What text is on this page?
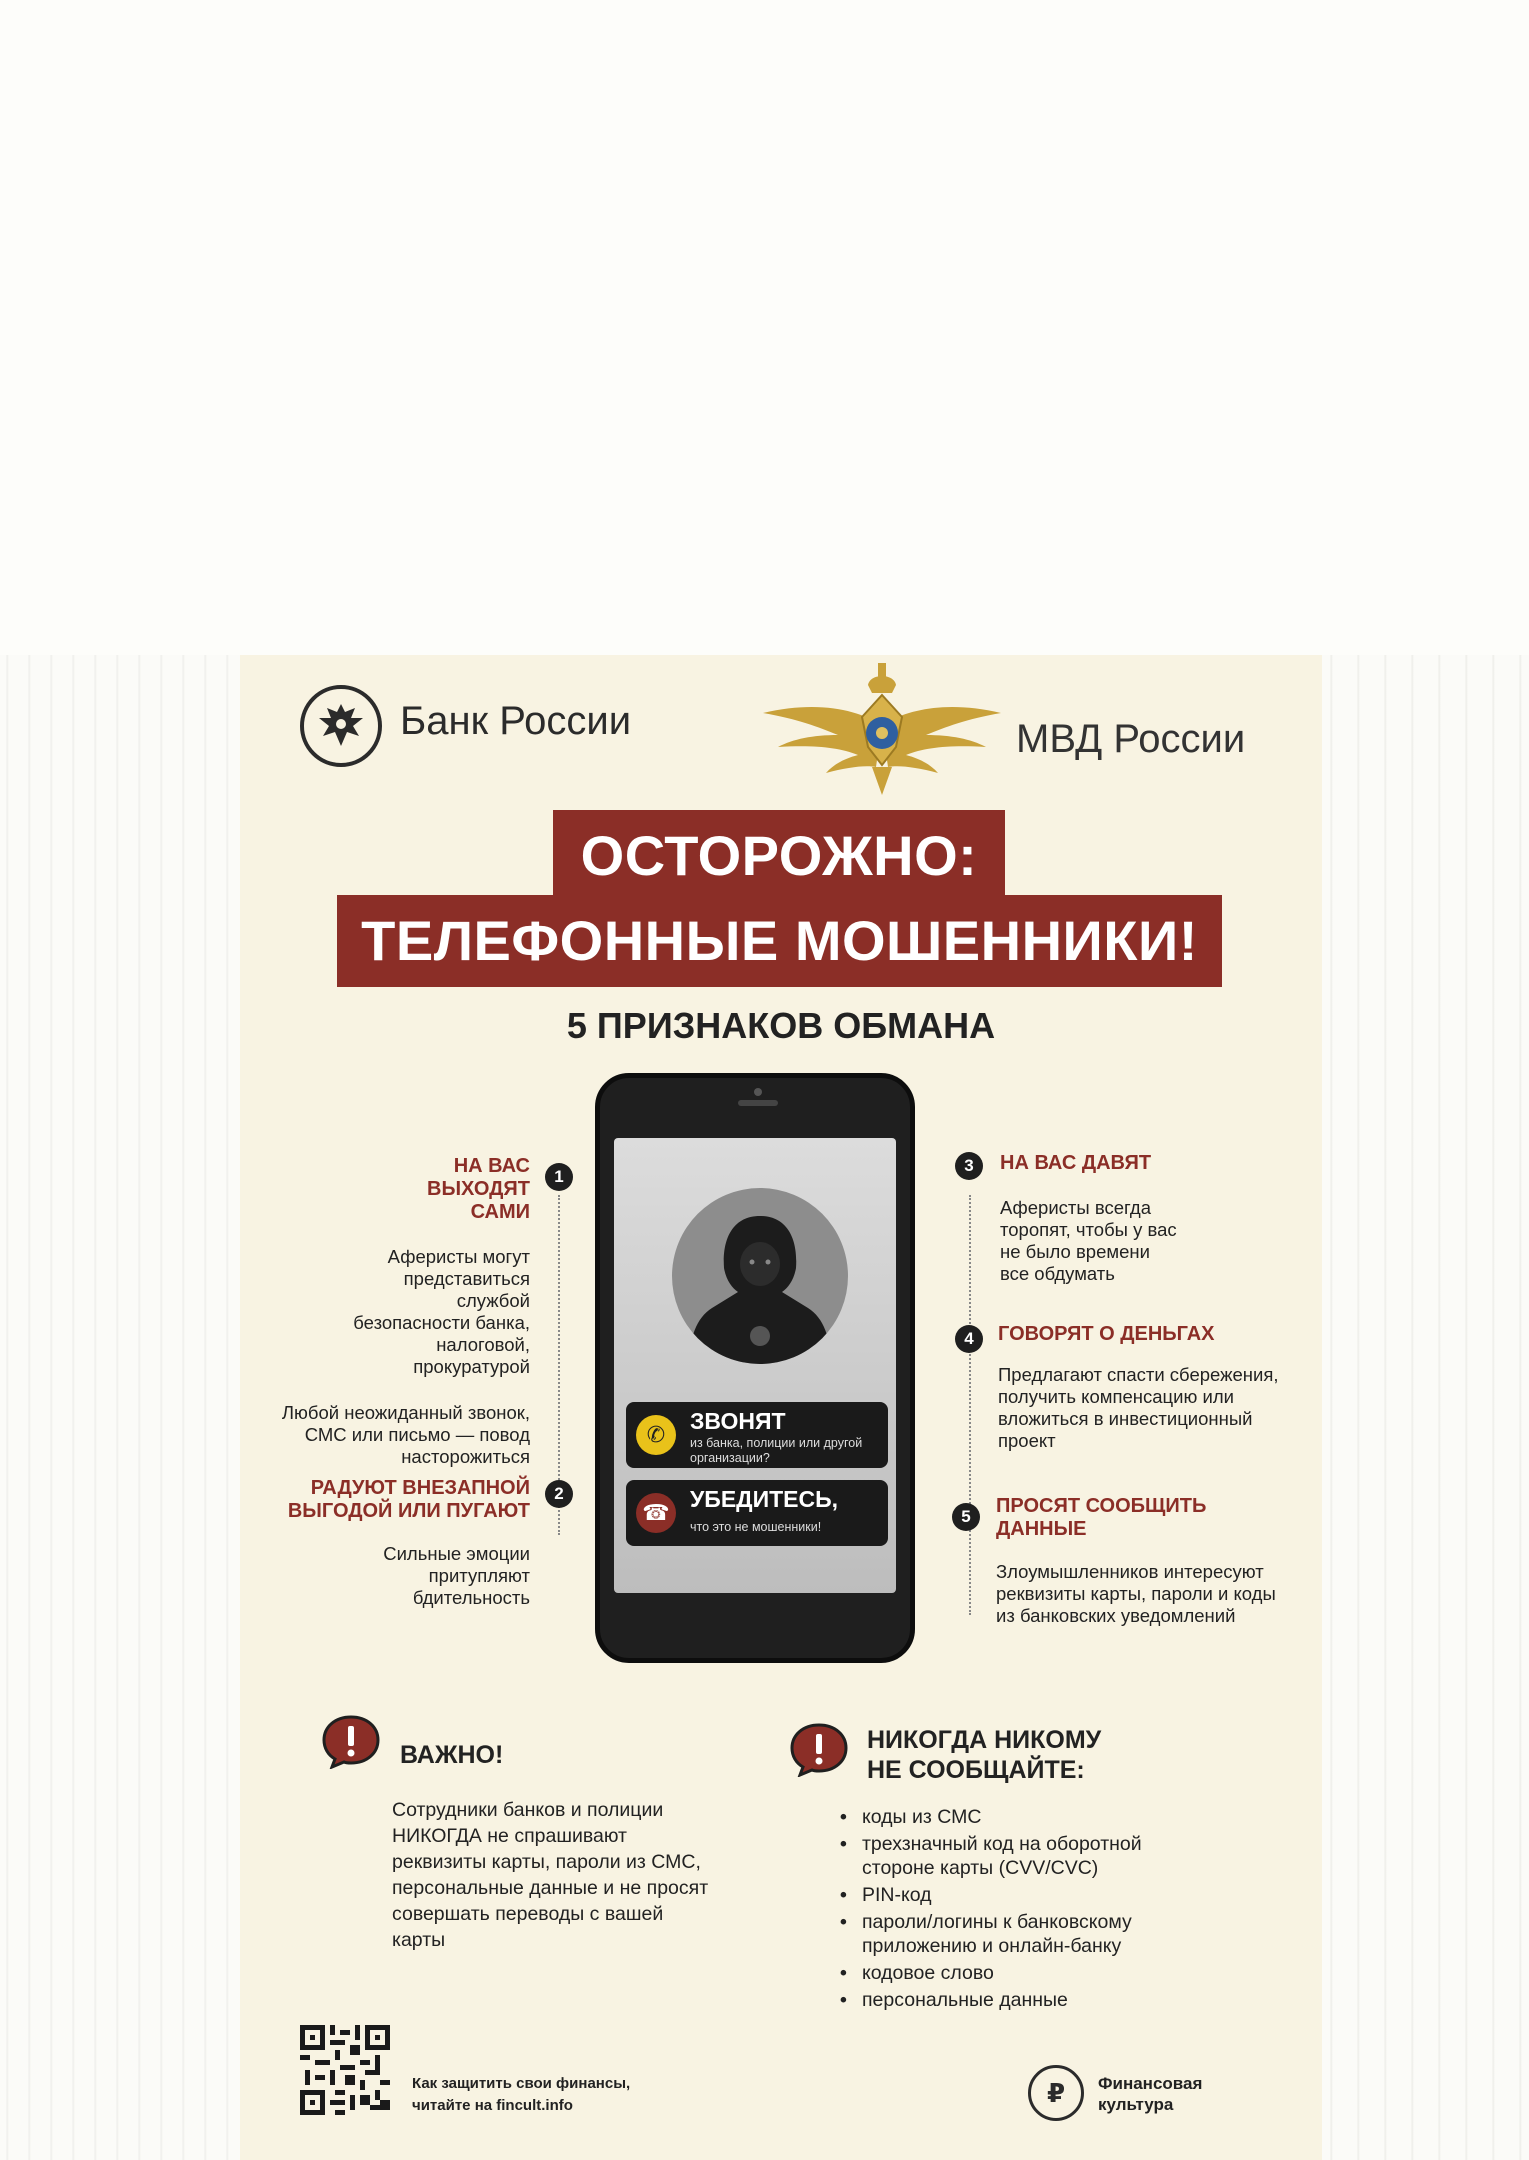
Банк России	МВД России
ТЕЛЕФОННЫЕ МОШЕННИКИ!
ОСТОРОЖНО:
5 ПРИЗНАКОВ ОБМАНА
✆
ЗВОНЯТ
из банка, полиции или другой организации?
☎
УБЕДИТЕСЬ,
что это не мошенники!
1
НА ВАС ВЫХОДЯТ САМИ
Аферисты могут представиться службой безопасности банка, налоговой, прокуратурой
Любой неожиданный звонок, СМС или письмо — повод насторожиться
2
РАДУЮТ ВНЕЗАПНОЙ ВЫГОДОЙ ИЛИ ПУГАЮТ
Сильные эмоции притупляют бдительность
3	НА ВАС ДАВЯТ
Аферисты всегда торопят, чтобы у вас не было времени все обдумать
4	ГОВОРЯТ О ДЕНЬГАХ
Предлагают спасти сбережения, получить компенсацию или вложиться в инвестиционный проект
5	ПРОСЯТ СООБЩИТЬ ДАННЫЕ
Злоумышленников интересуют реквизиты карты, пароли и коды из банковских уведомлений
ВАЖНО!
Сотрудники банков и полиции НИКОГДА не спрашивают реквизиты карты, пароли из СМС, персональные данные и не просят совершать переводы с вашей карты
НИКОГДА НИКОМУ
НЕ СООБЩАЙТЕ:
• коды из СМС
• трехзначный код на оборотной стороне карты (CVV/CVC)
• PIN-код
• пароли/логины к банковскому приложению и онлайн-банку
• кодовое слово
• персональные данные
Как защитить свои финансы,
читайте на fincult.info	₽	Финансовая
культура
